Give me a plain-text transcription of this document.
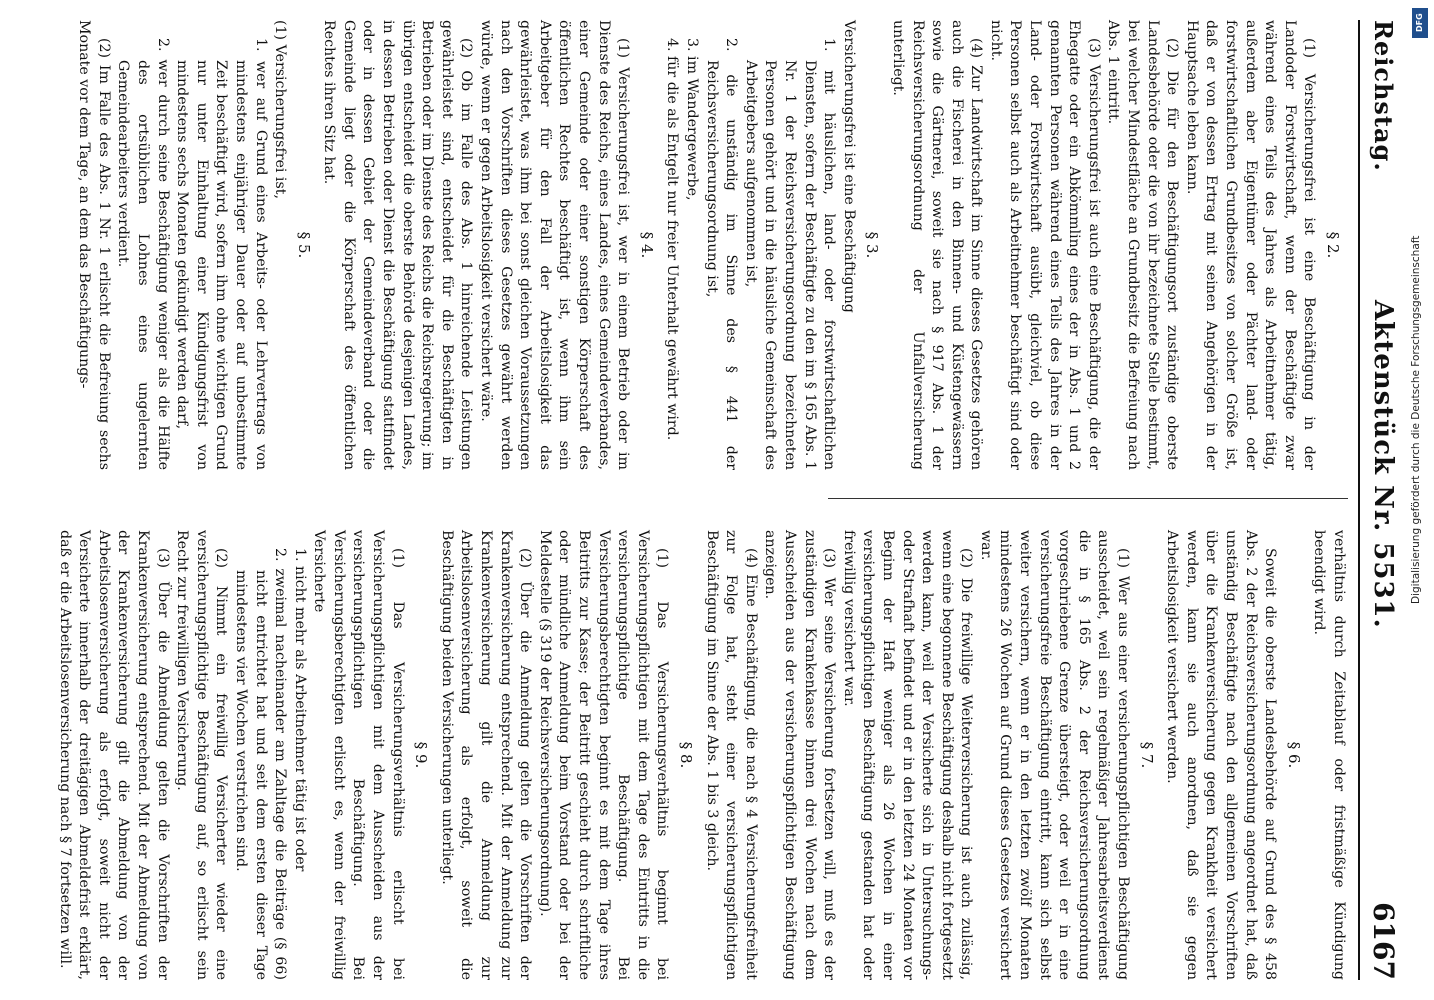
Reichstag.
Aktenstück Nr. 5531.
6167

§ 2.

(1) Versicherungsfrei ist eine Beschäftigung in der Landoder Forstwirtschaft, wenn der Beschäftigte zwar während eines Teils des Jahres als Arbeitnehmer tätig, außerdem aber Eigentümer oder Pächter land- oder forstwirtschaftlichen Grundbesitzes von solcher Größe ist, daß er von dessen Ertrag mit seinen Angehörigen in der Hauptsache leben kann.

(2) Die für den Beschäftigungsort zuständige oberste Landesbehörde oder die von ihr bezeichnete Stelle bestimmt, bei welcher Mindestfläche an Grundbesitz die Befreiung nach Abs. 1 eintritt.

(3) Versicherungsfrei ist auch eine Beschäftigung, die der Ehegatte oder ein Abkömmling eines der in Abs. 1 und 2 genannten Personen während eines Teils des Jahres in der Land- oder Forstwirtschaft ausübt, gleichviel, ob diese Personen selbst auch als Arbeitnehmer beschäftigt sind oder nicht.

(4) Zur Landwirtschaft im Sinne dieses Gesetzes gehören auch die Fischerei in den Binnen- und Küstengewässern sowie die Gärtnerei, soweit sie nach § 917 Abs. 1 der Reichsversicherungsordnung der Unfallversicherung unterliegt.

§ 3.

Versicherungsfrei ist eine Beschäftigung

1. mit häuslichen, land- oder forstwirtschaftlichen Diensten, sofern der Beschäftigte zu den im § 165 Abs. 1 Nr. 1 der Reichsversicherungsordnung bezeichneten Personen gehört und in die häusliche Gemeinschaft des Arbeitgebers aufgenommen ist,

2. die unständig im Sinne des § 441 der Reichsversicherungsordnung ist,

3. im Wandergewerbe,

4. für die als Entgelt nur freier Unterhalt gewährt wird.

§ 4.

(1) Versicherungsfrei ist, wer in einem Betrieb oder im Dienste des Reichs, eines Landes, eines Gemeindeverbandes, einer Gemeinde oder einer sonstigen Körperschaft des öffentlichen Rechtes beschäftigt ist, wenn ihm sein Arbeitgeber für den Fall der Arbeitslosigkeit das gewährleistet, was ihm bei sonst gleichen Voraussetzungen nach den Vorschriften dieses Gesetzes gewährt werden würde, wenn er gegen Arbeitslosigkeit versichert wäre.

(2) Ob im Falle des Abs. 1 hinreichende Leistungen gewährleistet sind, entscheidet für die Beschäftigten in Betrieben oder im Dienste des Reichs die Reichsregierung; im übrigen entscheidet die oberste Behörde desjenigen Landes, in dessen Betrieben oder Dienst die Beschäftigung stattfindet oder in dessen Gebiet der Gemeindeverband oder die Gemeinde liegt oder die Körperschaft des öffentlichen Rechtes ihren Sitz hat.

§ 5.

(1) Versicherungsfrei ist,

1. wer auf Grund eines Arbeits- oder Lehrvertrags von mindestens einjähriger Dauer oder auf unbestimmte Zeit beschäftigt wird, sofern ihm ohne wichtigen Grund nur unter Einhaltung einer Kündigungsfrist von mindestens sechs Monaten gekündigt werden darf,

2. wer durch seine Beschäftigung weniger als die Hälfte des ortsüblichen Lohnes eines ungelernten Gemeindearbeiters verdient.

(2) Im Falle des Abs. 1 Nr. 1 erlischt die Befreiung sechs Monate vor dem Tage, an dem das Beschäftigungs-

verhältnis durch Zeitablauf oder fristmäßige Kündigung beendigt wird.

§ 6.

Soweit die oberste Landesbehörde auf Grund des § 458 Abs. 2 der Reichsversicherungsordnung angeordnet hat, daß unständig Beschäftigte nach den allgemeinen Vorschriften über die Krankenversicherung gegen Krankheit versichert werden, kann sie auch anordnen, daß sie gegen Arbeitslosigkeit versichert werden.

§ 7.

(1) Wer aus einer versicherungspflichtigen Beschäftigung ausscheidet, weil sein regelmäßiger Jahresarbeitsverdienst die in § 165 Abs. 2 der Reichsversicherungsordnung vorgeschriebene Grenze übersteigt, oder weil er in eine versicherungsfreie Beschäftigung eintritt, kann sich selbst weiter versichern, wenn er in den letzten zwölf Monaten mindestens 26 Wochen auf Grund dieses Gesetzes versichert war.

(2) Die freiwillige Weiterversicherung ist auch zulässig, wenn eine begonnene Beschäftigung deshalb nicht fortgesetzt werden kann, weil der Versicherte sich in Untersuchungs- oder Strafhaft befindet und er in den letzten 24 Monaten vor Beginn der Haft weniger als 26 Wochen in einer versicherungspflichtigen Beschäftigung gestanden hat oder freiwillig versichert war.

(3) Wer seine Versicherung fortsetzen will, muß es der zuständigen Krankenkasse binnen drei Wochen nach dem Ausscheiden aus der versicherungspflichtigen Beschäftigung anzeigen.

(4) Eine Beschäftigung, die nach § 4 Versicherungsfreiheit zur Folge hat, steht einer versicherungspflichtigen Beschäftigung im Sinne der Abs. 1 bis 3 gleich.

§ 8.

(1) Das Versicherungsverhältnis beginnt bei Versicherungspflichtigen mit dem Tage des Eintritts in die versicherungspflichtige Beschäftigung. Bei Versicherungsberechtigten beginnt es mit dem Tage ihres Beitritts zur Kasse; der Beitritt geschieht durch schriftliche oder mündliche Anmeldung beim Vorstand oder bei der Meldestelle (§ 319 der Reichsversicherungsordnung).

(2) Über die Anmeldung gelten die Vorschriften der Krankenversicherung entsprechend. Mit der Anmeldung zur Krankenversicherung gilt die Anmeldung zur Arbeitslosenversicherung als erfolgt, soweit die Beschäftigung beiden Versicherungen unterliegt.

§ 9.

(1) Das Versicherungsverhältnis erlischt bei Versicherungspflichtigen mit dem Ausscheiden aus der versicherungspflichtigen Beschäftigung. Bei Versicherungsberechtigten erlischt es, wenn der freiwillig Versicherte

1. nicht mehr als Arbeitnehmer tätig ist oder

2. zweimal nacheinander am Zahltage die Beiträge (§ 66) nicht entrichtet hat und seit dem ersten dieser Tage mindestens vier Wochen verstrichen sind.

(2) Nimmt ein freiwillig Versicherter wieder eine versicherungspflichtige Beschäftigung auf, so erlischt sein Recht zur freiwilligen Versicherung.

(3) Über die Abmeldung gelten die Vorschriften der Krankenversicherung entsprechend. Mit der Abmeldung von der Krankenversicherung gilt die Abmeldung von der Arbeitslosenversicherung als erfolgt, soweit nicht der Versicherte innerhalb der dreitägigen Abmeldefrist erklärt, daß er die Arbeitslosenversicherung nach § 7 fortsetzen will.

DFG
Digitalisierung gefördert durch die Deutsche Forschungsgemeinschaft
